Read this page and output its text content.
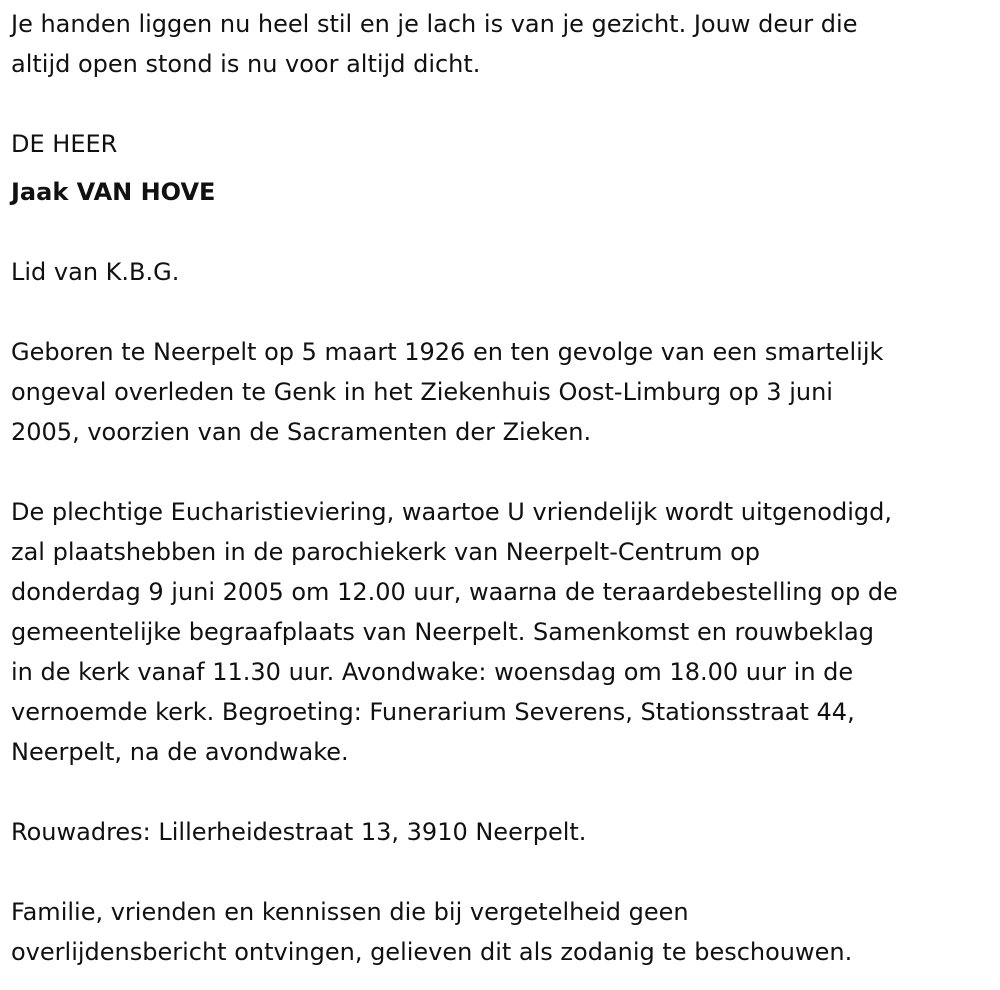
Je handen liggen nu heel stil en je lach is van je gezicht. Jouw deur die
altijd open stond is nu voor altijd dicht.

DE HEER

Jaak VAN HOVE

Lid van K.B.G.

Geboren te Neerpelt op 5 maart 1926 en ten gevolge van een smartelijk
ongeval overleden te Genk in het Ziekenhuis Oost-Limburg op 3 juni
2005, voorzien van de Sacramenten der Zieken.

De plechtige Eucharistieviering, waartoe U vriendelijk wordt uitgenodigd,
zal plaatshebben in de parochiekerk van Neerpelt-Centrum op
donderdag 9 juni 2005 om 12.00 uur, waarna de teraardebestelling op de
gemeentelijke begraafplaats van Neerpelt. Samenkomst en rouwbeklag
in de kerk vanaf 11.30 uur. Avondwake: woensdag om 18.00 uur in de
vernoemde kerk. Begroeting: Funerarium Severens, Stationsstraat 44,
Neerpelt, na de avondwake.

Rouwadres: Lillerheidestraat 13, 3910 Neerpelt.

Familie, vrienden en kennissen die bij vergetelheid geen
overlijdensbericht ontvingen, gelieven dit als zodanig te beschouwen.
